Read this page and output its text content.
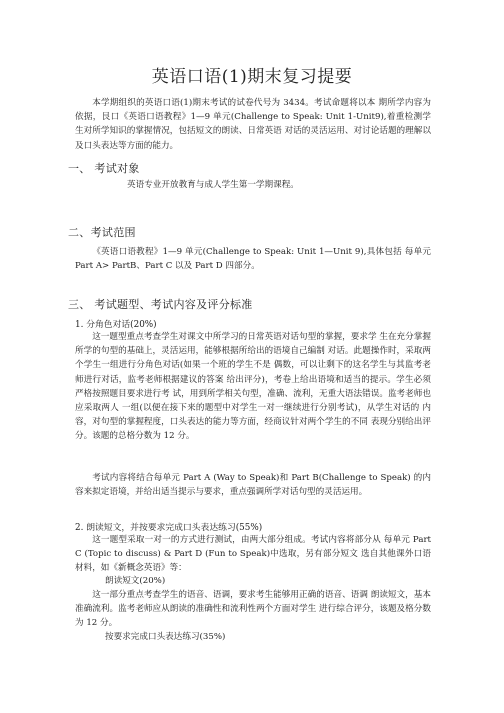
英语口语(1)期末复习提要
本学期组织的英语口语(1)期末考试的试卷代号为 3434。考试命题将以本 期所学内容为依据，艮口《英语口语教程》1—9 单元(Challenge to Speak: Unit 1-Unit9),着重检测学生对所学知识的掌握情况，包括短文的朗读、日常英语 对话的灵活运用、对讨论话题的理解以及口头表达等方面的能力。
一、 考试对象
英语专业开放教育与成人学生第一学期课程。
二、考试范围
《英语口语教程》1—9 单元(Challenge to Speak: Unit 1—Unit 9),具体包括 每单元 Part A> PartB、Part C 以及 Part D 四部分。
三、 考试题型、考试内容及评分标准
1. 分角色对话(20%)
这一题型重点考查学生对课文中所学习的日常英语对话句型的掌握，要求学 生在充分掌握所学的句型的基础上，灵活运用，能够根据所给出的语境自己编制 对话。此题操作时，采取两个学生一组进行分角色对话(如果一个班的学生不是 偶数，可以让剩下的这名学生与其监考老师进行对话，监考老师根据建议的答案 给出评分)，考卷上给出语境和适当的提示。学生必须严格按照题目要求进行考 试，用到所学相关句型，准确、流利，无重大语法错误。监考老师也应采取两人 一组(以便在接下来的题型中对学生一对一继续进行分别考试)，从学生对话的 内容，对句型的掌握程度，口头表达的能力等方面，经商议针对两个学生的不同 表现分别给出评分。该题的总格分数为 12 分。
考试内容将结合每单元 Part A (Way to Speak)和 Part B(Challenge to Speak) 的内容来拟定语境，并给出适当提示与要求，重点强调所学对话句型的灵活运用。
2. 朗读短文，并按要求完成口头表达练习(55%)
这一题型采取一对一的方式进行测试，由两大部分组成。考试内容将部分从 每单元 Part C (Topic to discuss) & Part D (Fun to Speak)中选取，另有部分短文 选自其他课外口语材料，如《新概念英语》等：
朗读短文(20%)
这一部分重点考查学生的语音、语调，要求考生能够用正确的语音、语调 朗读短文，基本准确流利。监考老师应从朗读的准确性和流利性两个方面对学生 进行综合评分，该题及格分数为 12 分。
按要求完成口头表达练习(35%)
